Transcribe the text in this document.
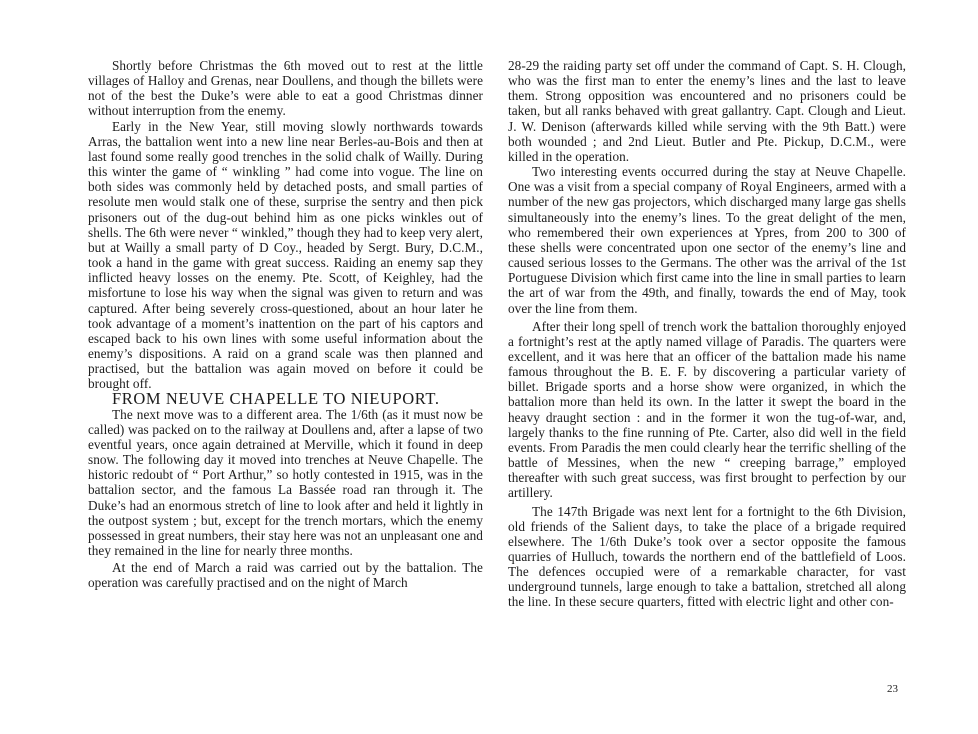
Shortly before Christmas the 6th moved out to rest at the little villages of Halloy and Grenas, near Doullens, and though the billets were not of the best the Duke’s were able to eat a good Christmas dinner without interruption from the enemy.

Early in the New Year, still moving slowly northwards towards Arras, the battalion went into a new line near Berles-au-Bois and then at last found some really good trenches in the solid chalk of Wailly. During this winter the game of “ winkling ” had come into vogue. The line on both sides was commonly held by detached posts, and small parties of resolute men would stalk one of these, surprise the sentry and then pick prisoners out of the dug-out behind him as one picks winkles out of shells. The 6th were never “ winkled,” though they had to keep very alert, but at Wailly a small party of D Coy., headed by Sergt. Bury, D.C.M., took a hand in the game with great success. Raiding an enemy sap they inflicted heavy losses on the enemy. Pte. Scott, of Keighley, had the misfortune to lose his way when the signal was given to return and was captured. After being severely cross-questioned, about an hour later he took advantage of a moment’s inattention on the part of his captors and escaped back to his own lines with some useful information about the enemy’s dispositions. A raid on a grand scale was then planned and practised, but the battalion was again moved on before it could be brought off.

FROM NEUVE CHAPELLE TO NIEUPORT.

The next move was to a different area. The 1/6th (as it must now be called) was packed on to the railway at Doullens and, after a lapse of two eventful years, once again detrained at Merville, which it found in deep snow. The following day it moved into trenches at Neuve Chapelle. The historic redoubt of “ Port Arthur,” so hotly contested in 1915, was in the battalion sector, and the famous La Bassée road ran through it. The Duke’s had an enormous stretch of line to look after and held it lightly in the outpost system ; but, except for the trench mortars, which the enemy possessed in great numbers, their stay here was not an unpleasant one and they remained in the line for nearly three months.

At the end of March a raid was carried out by the battalion. The operation was carefully practised and on the night of March

28-29 the raiding party set off under the command of Capt. S. H. Clough, who was the first man to enter the enemy’s lines and the last to leave them. Strong opposition was encountered and no prisoners could be taken, but all ranks behaved with great gallantry. Capt. Clough and Lieut. J. W. Denison (afterwards killed while serving with the 9th Batt.) were both wounded ; and 2nd Lieut. Butler and Pte. Pickup, D.C.M., were killed in the operation.

Two interesting events occurred during the stay at Neuve Chapelle. One was a visit from a special company of Royal Engineers, armed with a number of the new gas projectors, which discharged many large gas shells simultaneously into the enemy’s lines. To the great delight of the men, who remembered their own experiences at Ypres, from 200 to 300 of these shells were concentrated upon one sector of the enemy’s line and caused serious losses to the Germans. The other was the arrival of the 1st Portuguese Division which first came into the line in small parties to learn the art of war from the 49th, and finally, towards the end of May, took over the line from them.

After their long spell of trench work the battalion thoroughly enjoyed a fortnight’s rest at the aptly named village of Paradis. The quarters were excellent, and it was here that an officer of the battalion made his name famous throughout the B. E. F. by discovering a particular variety of billet. Brigade sports and a horse show were organized, in which the battalion more than held its own. In the latter it swept the board in the heavy draught section : and in the former it won the tug-of-war, and, largely thanks to the fine running of Pte. Carter, also did well in the field events. From Paradis the men could clearly hear the terrific shelling of the battle of Messines, when the new “ creeping barrage,” employed thereafter with such great success, was first brought to perfection by our artillery.

The 147th Brigade was next lent for a fortnight to the 6th Division, old friends of the Salient days, to take the place of a brigade required elsewhere. The 1/6th Duke’s took over a sector opposite the famous quarries of Hulluch, towards the northern end of the battlefield of Loos. The defences occupied were of a remarkable character, for vast underground tunnels, large enough to take a battalion, stretched all along the line. In these secure quarters, fitted with electric light and other con-

23
